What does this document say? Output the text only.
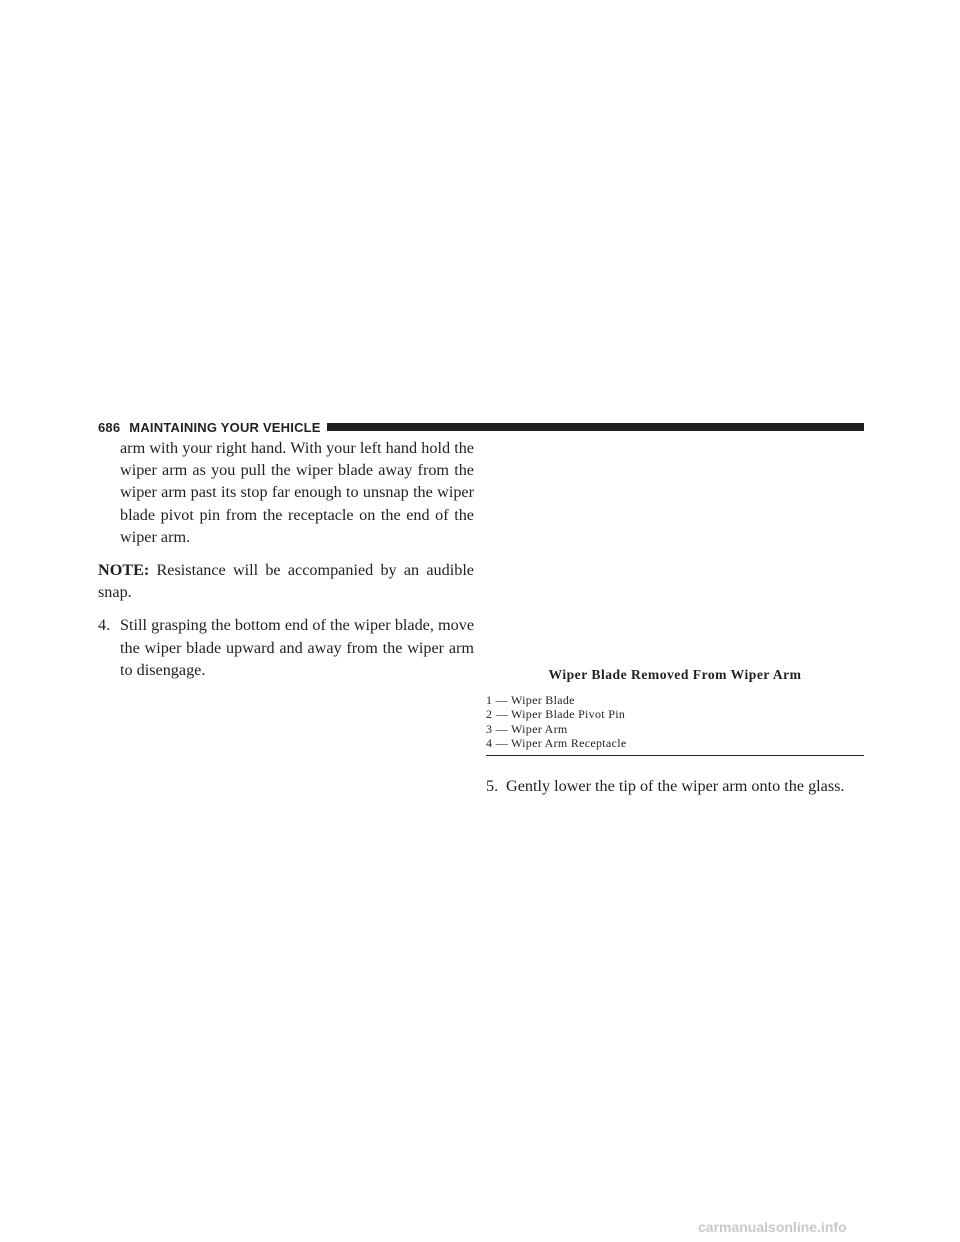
686 MAINTAINING YOUR VEHICLE

arm with your right hand. With your left hand hold the wiper arm as you pull the wiper blade away from the wiper arm past its stop far enough to unsnap the wiper blade pivot pin from the receptacle on the end of the wiper arm.

NOTE: Resistance will be accompanied by an audible snap.

4. Still grasping the bottom end of the wiper blade, move the wiper blade upward and away from the wiper arm to disengage.	Wiper Blade Removed From Wiper Arm
1 — Wiper Blade
2 — Wiper Blade Pivot Pin
3 — Wiper Arm
4 — Wiper Arm Receptacle
5. Gently lower the tip of the wiper arm onto the glass.
carmanualsonline.info
